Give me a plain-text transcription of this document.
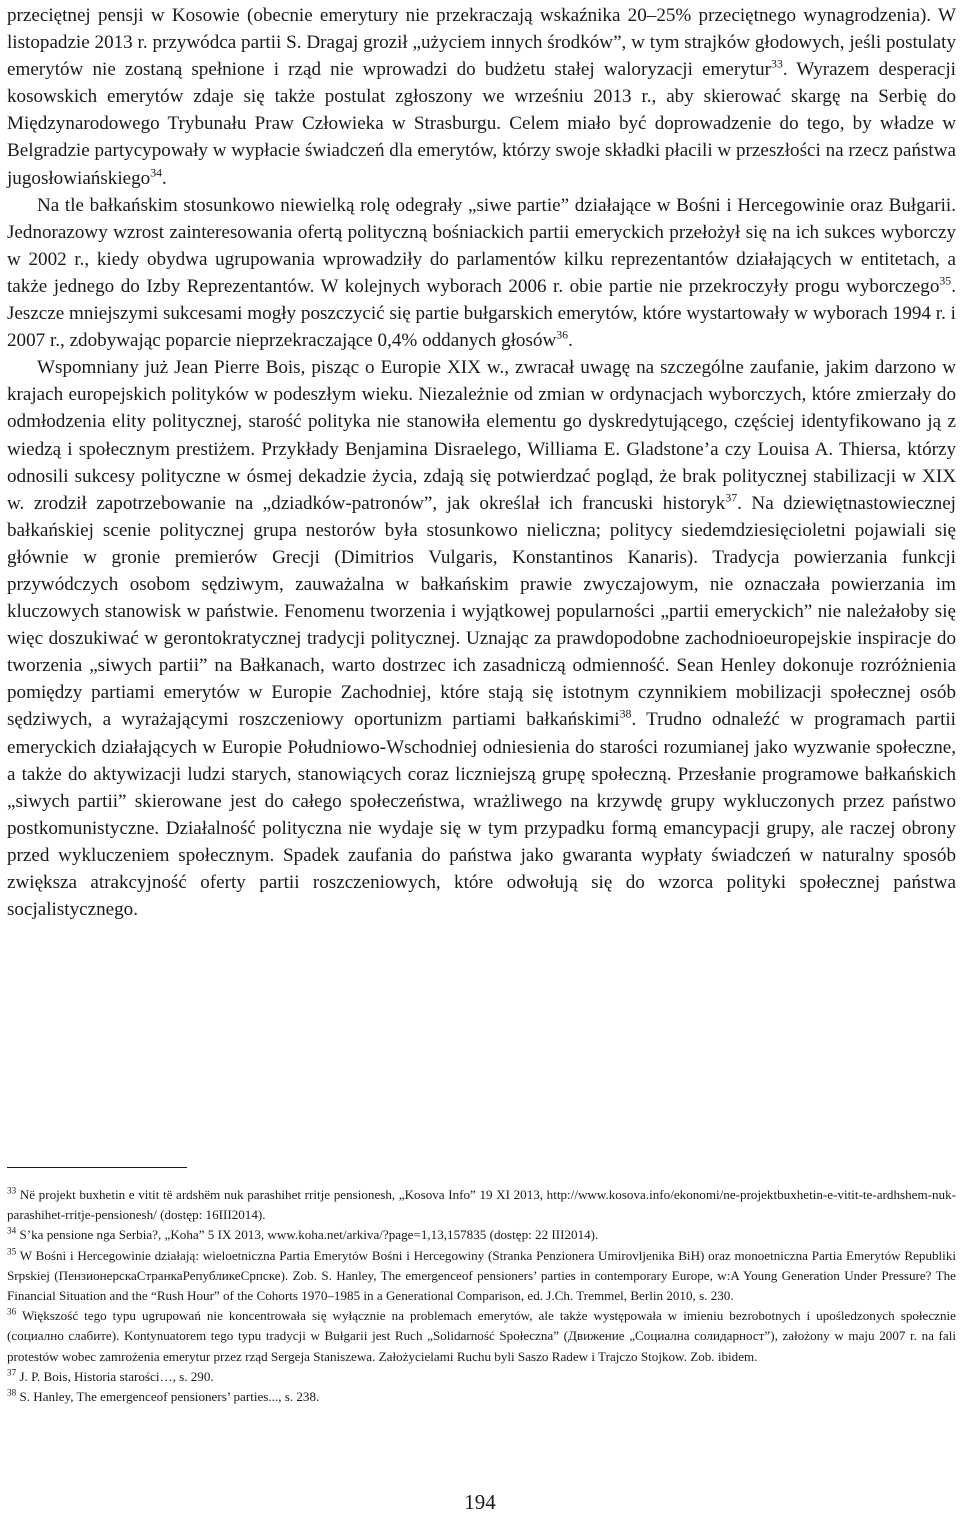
przeciętnej pensji w Kosowie (obecnie emerytury nie przekraczają wskaźnika 20–25% przeciętnego wynagrodzenia). W listopadzie 2013 r. przywódca partii S. Dragaj groził „użyciem innych środków”, w tym strajków głodowych, jeśli postulaty emerytów nie zostaną spełnione i rząd nie wprowadzi do budżetu stałej waloryzacji emerytur$^{33}$. Wyrazem desperacji kosowskich emerytów zdaje się także postulat zgłoszony we wrześniu 2013 r., aby skierować skargę na Serbię do Międzynarodowego Trybunału Praw Człowieka w Strasburgu. Celem miało być doprowadzenie do tego, by władze w Belgradzie partycypowały w wypłacie świadczeń dla emerytów, którzy swoje składki płacili w przeszłości na rzecz państwa jugosłowiańskiego$^{34}$.

Na tle bałkańskim stosunkowo niewielką rolę odegrały „siwe partie” działające w Bośni i Hercegowinie oraz Bułgarii. Jednorazowy wzrost zainteresowania ofertą polityczną bośniackich partii emeryckich przełożył się na ich sukces wyborczy w 2002 r., kiedy obydwa ugrupowania wprowadziły do parlamentów kilku reprezentantów działających w entitetach, a także jednego do Izby Reprezentantów. W kolejnych wyborach 2006 r. obie partie nie przekroczyły progu wyborczego$^{35}$. Jeszcze mniejszymi sukcesami mogły poszczycić się partie bułgarskich emerytów, które wystartowały w wyborach 1994 r. i 2007 r., zdobywając poparcie nieprzekraczające 0,4% oddanych głosów$^{36}$.

Wspomniany już Jean Pierre Bois, pisząc o Europie XIX w., zwracał uwagę na szczególne zaufanie, jakim darzono w krajach europejskich polityków w podeszłym wieku. Niezależnie od zmian w ordynacjach wyborczych, które zmierzały do odmłodzenia elity politycznej, starość polityka nie stanowiła elementu go dyskredytującego, częściej identyfikowano ją z wiedzą i społecznym prestiżem. Przykłady Benjamina Disraelego, Williama E. Gladstone’a czy Louisa A. Thiersa, którzy odnosili sukcesy polityczne w ósmej dekadzie życia, zdają się potwierdzać pogląd, że brak politycznej stabilizacji w XIX w. zrodził zapotrzebowanie na „dziadków-patronów”, jak określał ich francuski historyk$^{37}$. Na dziewiętnastowiecznej bałkańskiej scenie politycznej grupa nestorów była stosunkowo nieliczna; politycy siedemdziesięcioletni pojawiali się głównie w gronie premierów Grecji (Dimitrios Vulgaris, Konstantinos Kanaris). Tradycja powierzania funkcji przywódczych osobom sędziwym, zauważalna w bałkańskim prawie zwyczajowym, nie oznaczała powierzania im kluczowych stanowisk w państwie. Fenomenu tworzenia i wyjątkowej popularności „partii emeryckich” nie należałoby się więc doszukiwać w gerontokratycznej tradycji politycznej. Uznając za prawdopodobne zachodnioeuropejskie inspiracje do tworzenia „siwych partii” na Bałkanach, warto dostrzec ich zasadniczą odmienność. Sean Henley dokonuje rozróżnienia pomiędzy partiami emerytów w Europie Zachodniej, które stają się istotnym czynnikiem mobilizacji społecznej osób sędziwych, a wyrażającymi roszczeniowy oportunizm partiami bałkańskimi$^{38}$. Trudno odnaleźć w programach partii emeryckich działających w Europie Południowo-Wschodniej odniesienia do starości rozumianej jako wyzwanie społeczne, a także do aktywizacji ludzi starych, stanowiących coraz liczniejszą grupę społeczną. Przesłanie programowe bałkańskich „siwych partii” skierowane jest do całego społeczeństwa, wrażliwego na krzywdę grupy wykluczonych przez państwo postkomunistyczne. Działalność polityczna nie wydaje się w tym przypadku formą emancypacji grupy, ale raczej obrony przed wykluczeniem społecznym. Spadek zaufania do państwa jako gwaranta wypłaty świadczeń w naturalny sposób zwiększa atrakcyjność oferty partii roszczeniowych, które odwołują się do wzorca polityki społecznej państwa socjalistycznego.

$^{33}$ Në projekt buxhetin e vitit të ardshëm nuk parashihet rritje pensionesh, „Kosova Info” 19 XI 2013, http://www.kosova.info/ekonomi/ne-projektbuxhetin-e-vitit-te-ardhshem-nuk-parashihet-rritje-pensionesh/ (dostęp: 16III2014).

$^{34}$ S’ka pensione nga Serbia?, „Koha” 5 IX 2013, www.koha.net/arkiva/?page=1,13,157835 (dostęp: 22 III2014).

$^{35}$ W Bośni i Hercegowinie działają: wieloetniczna Partia Emerytów Bośni i Hercegowiny (Stranka Penzionera Umirovljenika BiH) oraz monoetniczna Partia Emerytów Republiki Srpskiej (ПензионерскаСтранкаРепубликеСрпске). Zob. S. Hanley, The emergenceof pensioners’ parties in contemporary Europe, w:A Young Generation Under Pressure? The Financial Situation and the “Rush Hour” of the Cohorts 1970–1985 in a Generational Comparison, ed. J.Ch. Tremmel, Berlin 2010, s. 230.

$^{36}$ Większość tego typu ugrupowań nie koncentrowała się wyłącznie na problemach emerytów, ale także występowała w imieniu bezrobotnych i upośledzonych społecznie (социално слабите). Kontynuatorem tego typu tradycji w Bułgarii jest Ruch „Solidarność Społeczna” (Движение „Социална солидарност”), założony w maju 2007 r. na fali protestów wobec zamrożenia emerytur przez rząd Sergeja Staniszewa. Założycielami Ruchu byli Saszo Radew i Trajczo Stojkow. Zob. ibidem.

$^{37}$ J. P. Bois, Historia starości…, s. 290.

$^{38}$ S. Hanley, The emergenceof pensioners’ parties..., s. 238.

194
